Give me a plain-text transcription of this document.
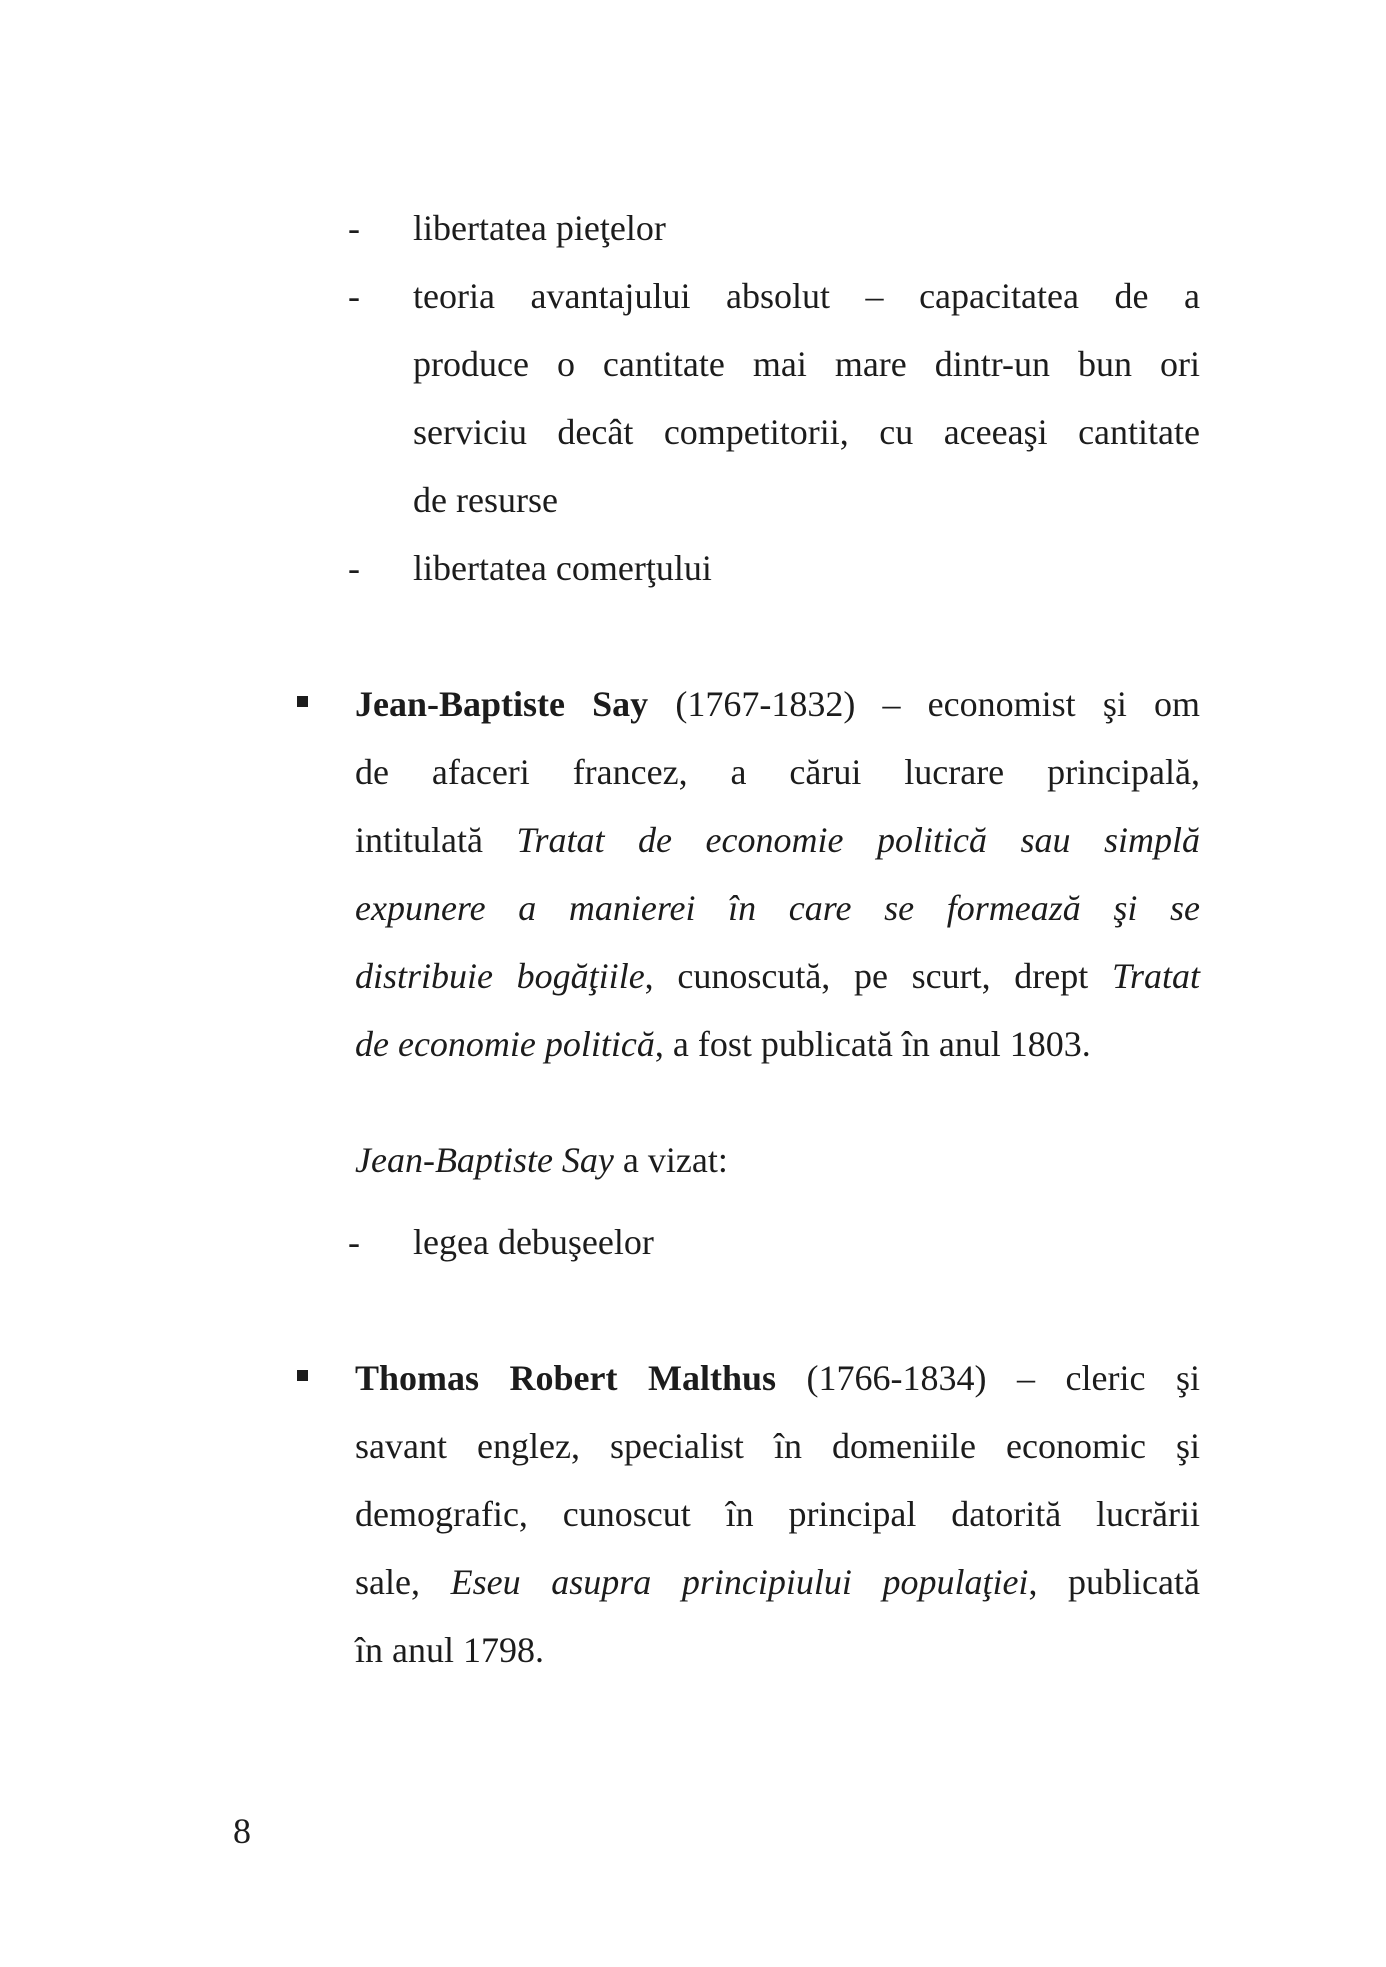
- libertatea pieţelor
- teoria avantajului absolut – capacitatea de a
produce o cantitate mai mare dintr-un bun ori
serviciu decât competitorii, cu aceeaşi cantitate
de resurse
- libertatea comerţului
Jean-Baptiste Say (1767-1832) – economist şi om
de afaceri francez, a cărui lucrare principală,
intitulată Tratat de economie politică sau simplă
expunere a manierei în care se formează şi se
distribuie bogăţiile, cunoscută, pe scurt, drept Tratat
de economie politică, a fost publicată în anul 1803.
Jean-Baptiste Say a vizat:
- legea debuşeelor
Thomas Robert Malthus (1766-1834) – cleric şi
savant englez, specialist în domeniile economic şi
demografic, cunoscut în principal datorită lucrării
sale, Eseu asupra principiului populaţiei, publicată
în anul 1798.
8
